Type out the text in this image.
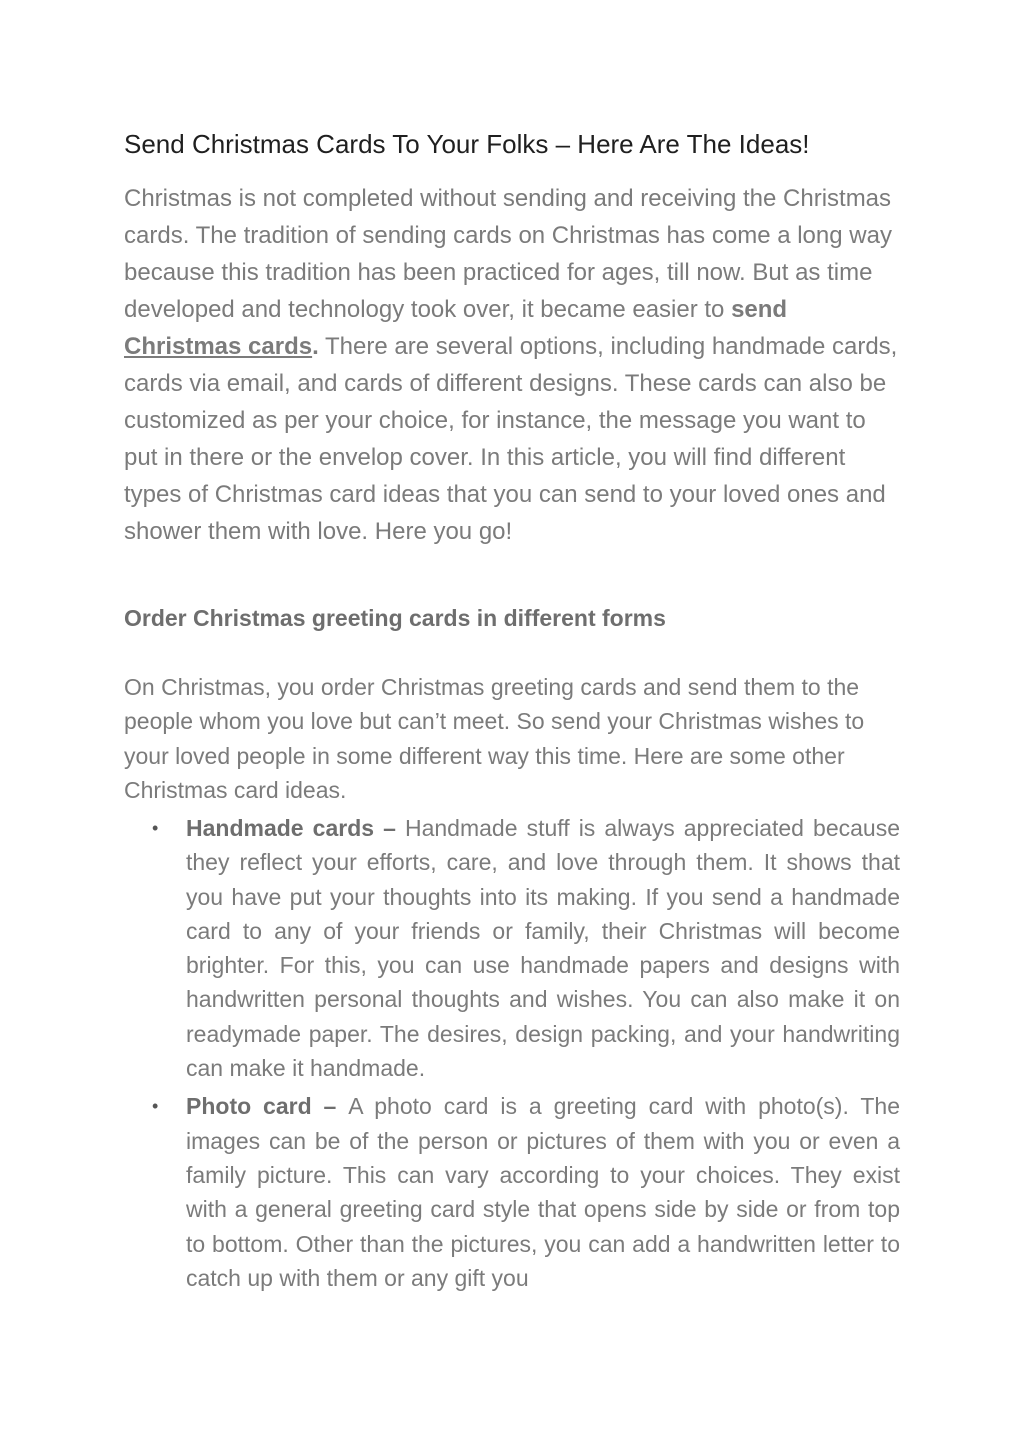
Send Christmas Cards To Your Folks – Here Are The Ideas!

Christmas is not completed without sending and receiving the Christmas cards. The tradition of sending cards on Christmas has come a long way because this tradition has been practiced for ages, till now. But as time developed and technology took over, it became easier to send Christmas cards. There are several options, including handmade cards, cards via email, and cards of different designs. These cards can also be customized as per your choice, for instance, the message you want to put in there or the envelop cover. In this article, you will find different types of Christmas card ideas that you can send to your loved ones and shower them with love. Here you go!

Order Christmas greeting cards in different forms

On Christmas, you order Christmas greeting cards and send them to the people whom you love but can’t meet. So send your Christmas wishes to your loved people in some different way this time. Here are some other Christmas card ideas.

• Handmade cards – Handmade stuff is always appreciated because they reflect your efforts, care, and love through them. It shows that you have put your thoughts into its making. If you send a handmade card to any of your friends or family, their Christmas will become brighter. For this, you can use handmade papers and designs with handwritten personal thoughts and wishes. You can also make it on readymade paper. The desires, design packing, and your handwriting can make it handmade.
• Photo card – A photo card is a greeting card with photo(s). The images can be of the person or pictures of them with you or even a family picture. This can vary according to your choices. They exist with a general greeting card style that opens side by side or from top to bottom. Other than the pictures, you can add a handwritten letter to catch up with them or any gift you
